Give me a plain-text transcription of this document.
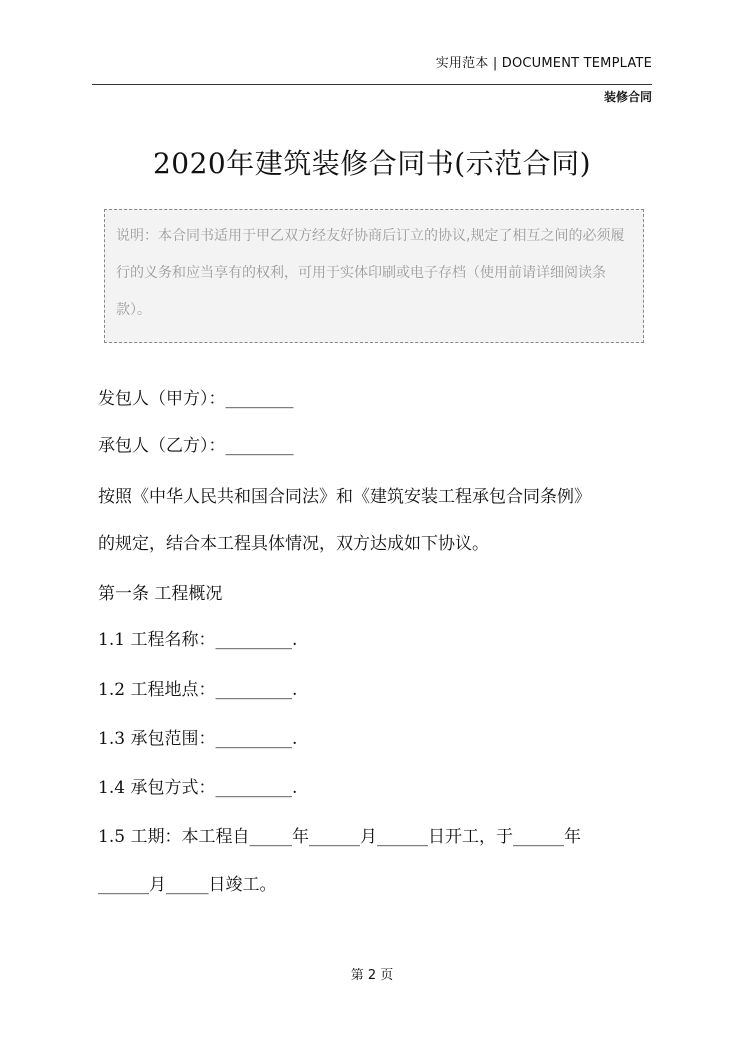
实用范本 | DOCUMENT TEMPLATE
装修合同
2020年建筑装修合同书(示范合同)
说明：本合同书适用于甲乙双方经友好协商后订立的协议,规定了相互之间的必须履行的义务和应当享有的权利，可用于实体印刷或电子存档（使用前请详细阅读条款）。
发包人（甲方）：________
承包人（乙方）：________
按照《中华人民共和国合同法》和《建筑安装工程承包合同条例》
的规定，结合本工程具体情况，双方达成如下协议。
第一条 工程概况
1.1 工程名称：_________.
1.2 工程地点：_________.
1.3 承包范围：_________.
1.4 承包方式：_________.
1.5 工期：本工程自_____年______月______日开工，于______年
______月_____日竣工。
第 2 页
